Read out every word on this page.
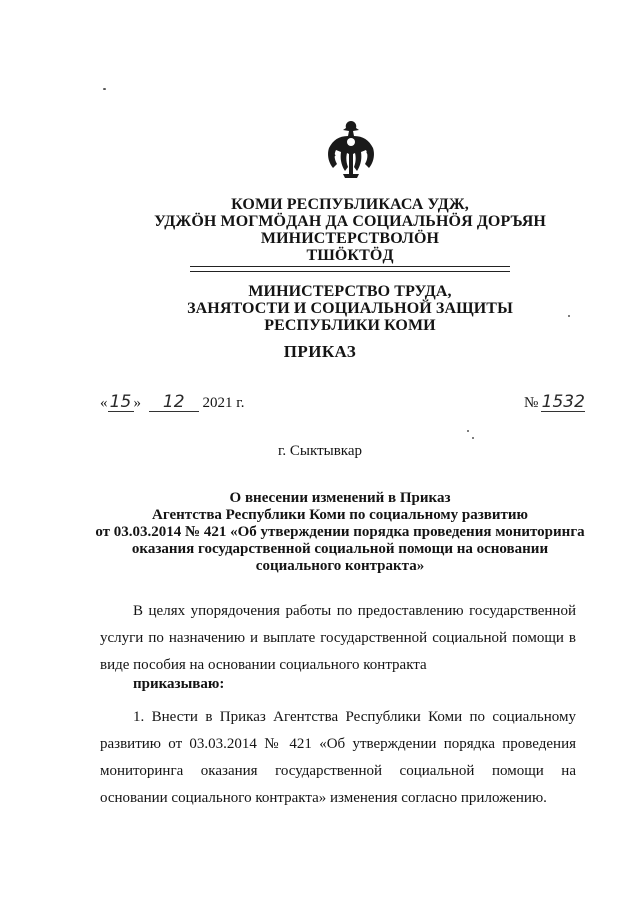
КОМИ РЕСПУБЛИКАСА УДЖ,
УДЖÖН МОГМÖДАН ДА СОЦИАЛЬНÖЯ ДОРЪЯН
МИНИСТЕРСТВОЛÖН
ТШÖКТÖД
МИНИСТЕРСТВО ТРУДА,
ЗАНЯТОСТИ И СОЦИАЛЬНОЙ ЗАЩИТЫ
РЕСПУБЛИКИ КОМИ
ПРИКАЗ
« 15 » 12 2021 г.	№ 1532
г. Сыктывкар
О внесении изменений в Приказ
Агентства Республики Коми по социальному развитию
от 03.03.2014 № 421 «Об утверждении порядка проведения мониторинга
оказания государственной социальной помощи на основании
социального контракта»
В целях упорядочения работы по предоставлению государственной услуги по назначению и выплате государственной социальной помощи в виде пособия на основании социального контракта
приказываю:
1. Внести в Приказ Агентства Республики Коми по социальному развитию от 03.03.2014 № 421 «Об утверждении порядка проведения мониторинга оказания государственной социальной помощи на основании социального контракта» изменения согласно приложению.
